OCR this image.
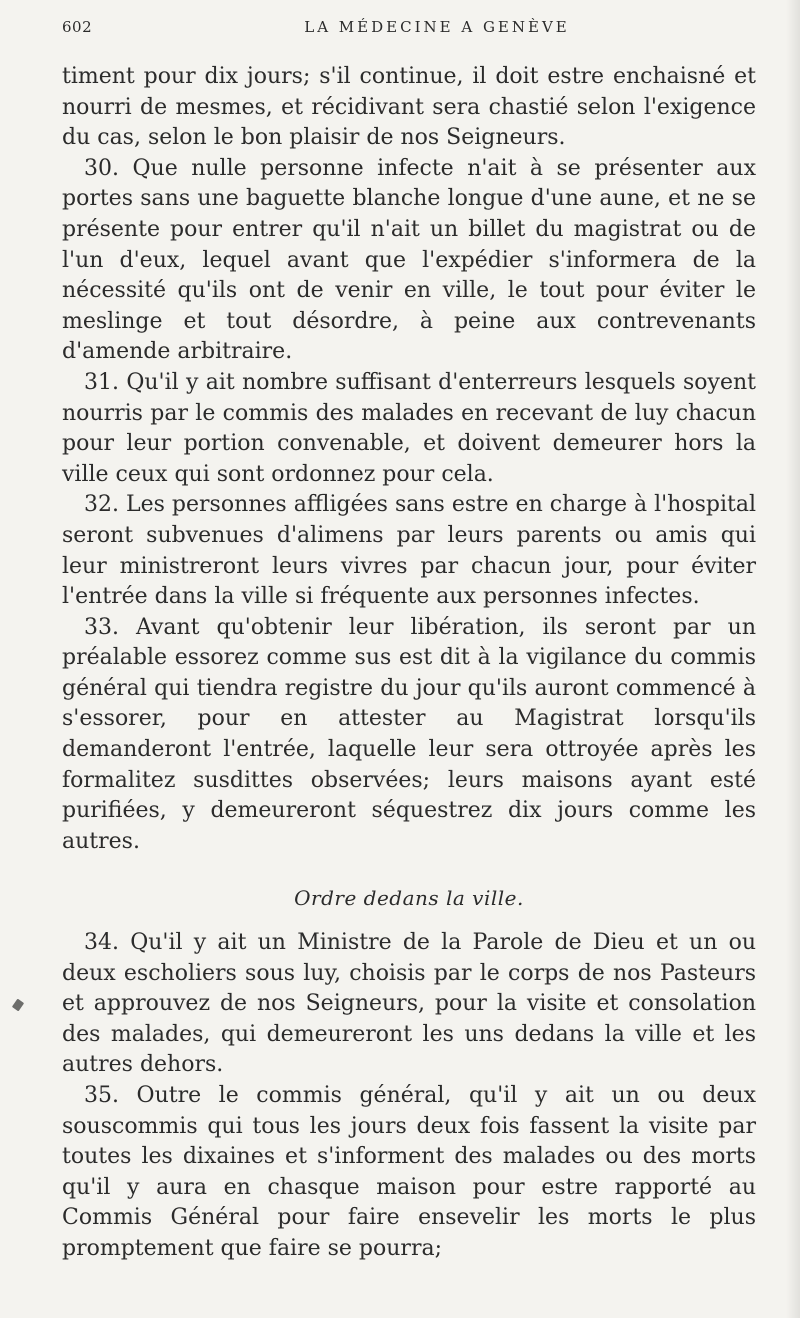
602	LA MÉDECINE A GENÈVE

timent pour dix jours; s'il continue, il doit estre enchaisné et nourri de mesmes, et récidivant sera chastié selon l'exigence du cas, selon le bon plaisir de nos Seigneurs.

30. Que nulle personne infecte n'ait à se présenter aux portes sans une baguette blanche longue d'une aune, et ne se présente pour entrer qu'il n'ait un billet du magistrat ou de l'un d'eux, lequel avant que l'expédier s'informera de la nécessité qu'ils ont de venir en ville, le tout pour éviter le meslinge et tout désordre, à peine aux contrevenants d'amende arbitraire.

31. Qu'il y ait nombre suffisant d'enterreurs lesquels soyent nourris par le commis des malades en recevant de luy chacun pour leur portion convenable, et doivent demeurer hors la ville ceux qui sont ordonnez pour cela.

32. Les personnes affligées sans estre en charge à l'hospital seront subvenues d'alimens par leurs parents ou amis qui leur ministreront leurs vivres par chacun jour, pour éviter l'entrée dans la ville si fréquente aux personnes infectes.

33. Avant qu'obtenir leur libération, ils seront par un préalable essorez comme sus est dit à la vigilance du commis général qui tiendra registre du jour qu'ils auront commencé à s'essorer, pour en attester au Magistrat lorsqu'ils demanderont l'entrée, laquelle leur sera ottroyée après les formalitez susdittes observées; leurs maisons ayant esté purifiées, y demeureront séquestrez dix jours comme les autres.

Ordre dedans la ville.

34. Qu'il y ait un Ministre de la Parole de Dieu et un ou deux escholiers sous luy, choisis par le corps de nos Pasteurs et approuvez de nos Seigneurs, pour la visite et consolation des malades, qui demeureront les uns dedans la ville et les autres dehors.

35. Outre le commis général, qu'il y ait un ou deux souscommis qui tous les jours deux fois fassent la visite par toutes les dixaines et s'informent des malades ou des morts qu'il y aura en chasque maison pour estre rapporté au Commis Général pour faire ensevelir les morts le plus promptement que faire se pourra;
